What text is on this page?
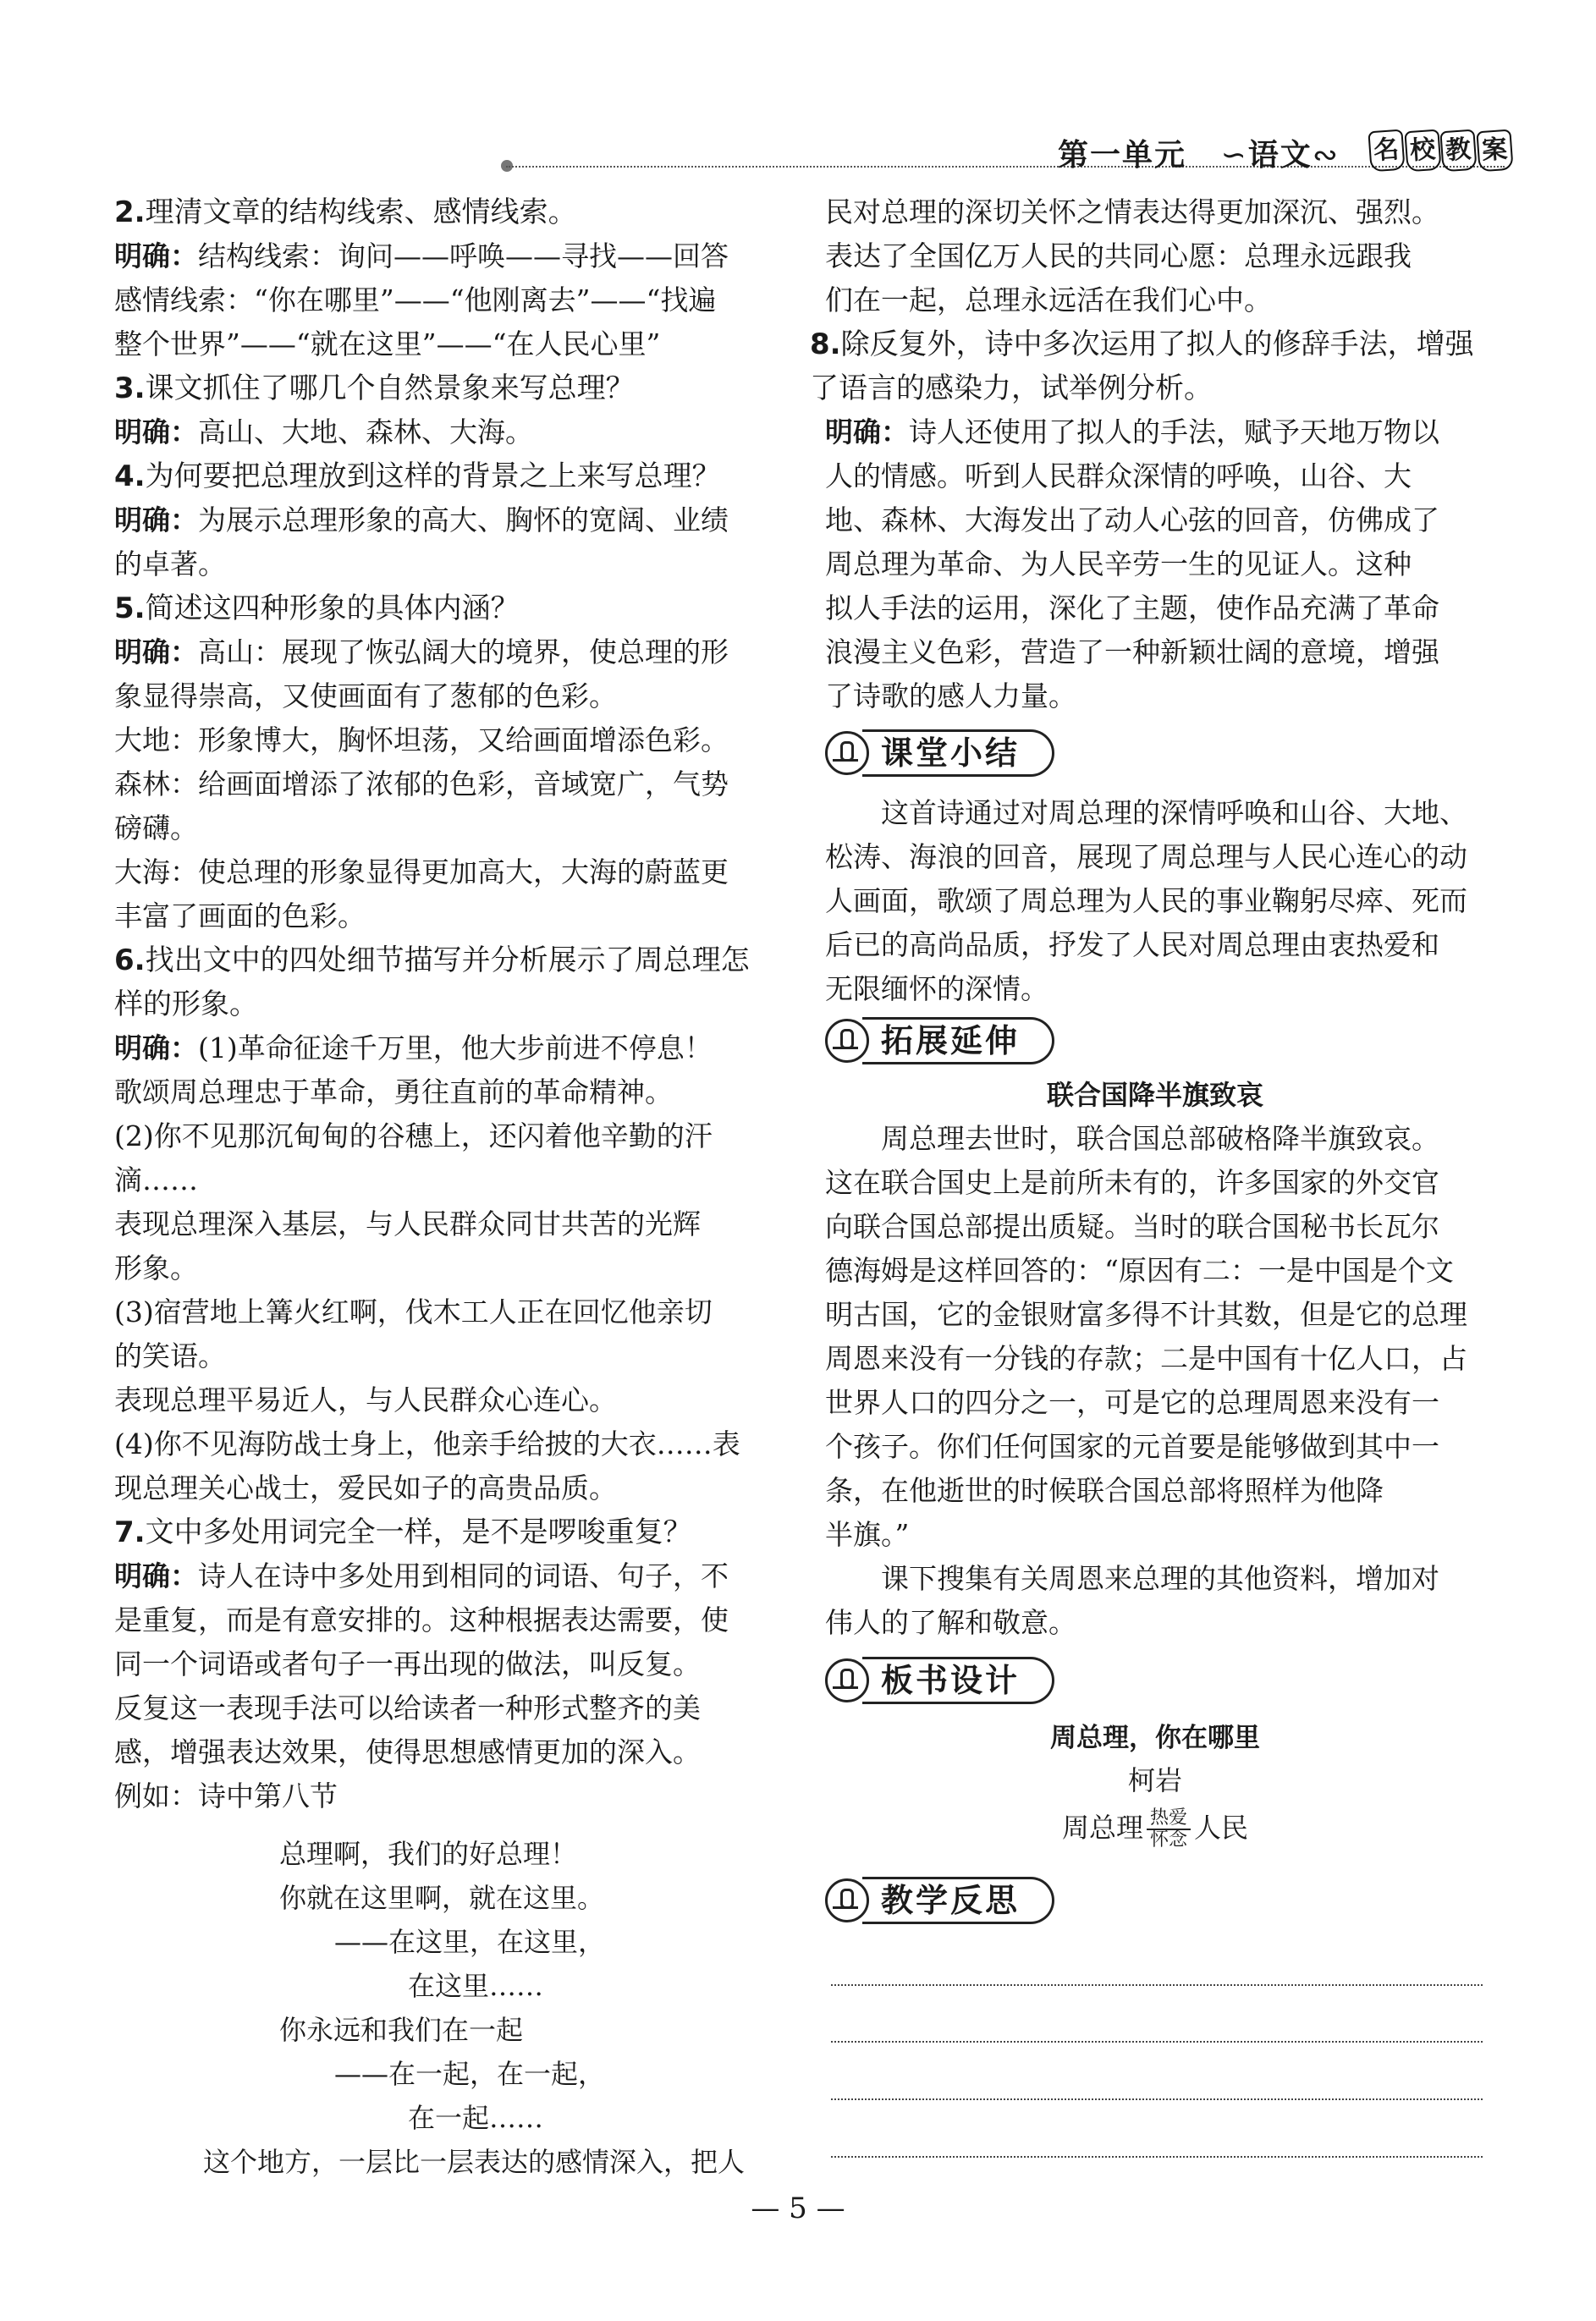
第一单元 ∽语文∾ 名 校 教 案

2.理清文章的结构线索、感情线索。

明确：结构线索：询问——呼唤——寻找——回答

感情线索：“你在哪里”——“他刚离去”——“找遍

整个世界”——“就在这里”——“在人民心里”

3.课文抓住了哪几个自然景象来写总理？

明确：高山、大地、森林、大海。

4.为何要把总理放到这样的背景之上来写总理？

明确：为展示总理形象的高大、胸怀的宽阔、业绩

的卓著。

5.简述这四种形象的具体内涵？

明确：高山：展现了恢弘阔大的境界，使总理的形

象显得崇高，又使画面有了葱郁的色彩。

大地：形象博大，胸怀坦荡，又给画面增添色彩。

森林：给画面增添了浓郁的色彩，音域宽广，气势

磅礴。

大海：使总理的形象显得更加高大，大海的蔚蓝更

丰富了画面的色彩。

6.找出文中的四处细节描写并分析展示了周总理怎

样的形象。

明确：(1)革命征途千万里，他大步前进不停息！

歌颂周总理忠于革命，勇往直前的革命精神。

(2)你不见那沉甸甸的谷穗上，还闪着他辛勤的汗

滴……

表现总理深入基层，与人民群众同甘共苦的光辉

形象。

(3)宿营地上篝火红啊，伐木工人正在回忆他亲切

的笑语。

表现总理平易近人，与人民群众心连心。

(4)你不见海防战士身上，他亲手给披的大衣……表

现总理关心战士，爱民如子的高贵品质。

7.文中多处用词完全一样，是不是啰唆重复？

明确：诗人在诗中多处用到相同的词语、句子，不

是重复，而是有意安排的。这种根据表达需要，使

同一个词语或者句子一再出现的做法，叫反复。

反复这一表现手法可以给读者一种形式整齐的美

感，增强表达效果，使得思想感情更加的深入。

例如：诗中第八节

总理啊，我们的好总理！
你就在这里啊，就在这里。
——在这里，在这里，
在这里……
你永远和我们在一起
——在一起，在一起，
在一起……
这个地方，一层比一层表达的感情深入，把人

民对总理的深切关怀之情表达得更加深沉、强烈。

表达了全国亿万人民的共同心愿：总理永远跟我

们在一起，总理永远活在我们心中。

8.除反复外，诗中多次运用了拟人的修辞手法，增强

了语言的感染力，试举例分析。

明确：诗人还使用了拟人的手法，赋予天地万物以

人的情感。听到人民群众深情的呼唤，山谷、大

地、森林、大海发出了动人心弦的回音，仿佛成了

周总理为革命、为人民辛劳一生的见证人。这种

拟人手法的运用，深化了主题，使作品充满了革命

浪漫主义色彩，营造了一种新颖壮阔的意境，增强

了诗歌的感人力量。

课堂小结

这首诗通过对周总理的深情呼唤和山谷、大地、

松涛、海浪的回音，展现了周总理与人民心连心的动

人画面，歌颂了周总理为人民的事业鞠躬尽瘁、死而

后已的高尚品质，抒发了人民对周总理由衷热爱和

无限缅怀的深情。

拓展延伸

联合国降半旗致哀

周总理去世时，联合国总部破格降半旗致哀。

这在联合国史上是前所未有的，许多国家的外交官

向联合国总部提出质疑。当时的联合国秘书长瓦尔

德海姆是这样回答的：“原因有二：一是中国是个文

明古国，它的金银财富多得不计其数，但是它的总理

周恩来没有一分钱的存款；二是中国有十亿人口，占

世界人口的四分之一，可是它的总理周恩来没有一

个孩子。你们任何国家的元首要是能够做到其中一

条，在他逝世的时候联合国总部将照样为他降

半旗。”

课下搜集有关周恩来总理的其他资料，增加对

伟人的了解和敬意。

板书设计
周总理，你在哪里
柯岩
周总理 $\frac{\text{热爱}}{\text{怀念}}$ 人民
教学反思
— 5 —
